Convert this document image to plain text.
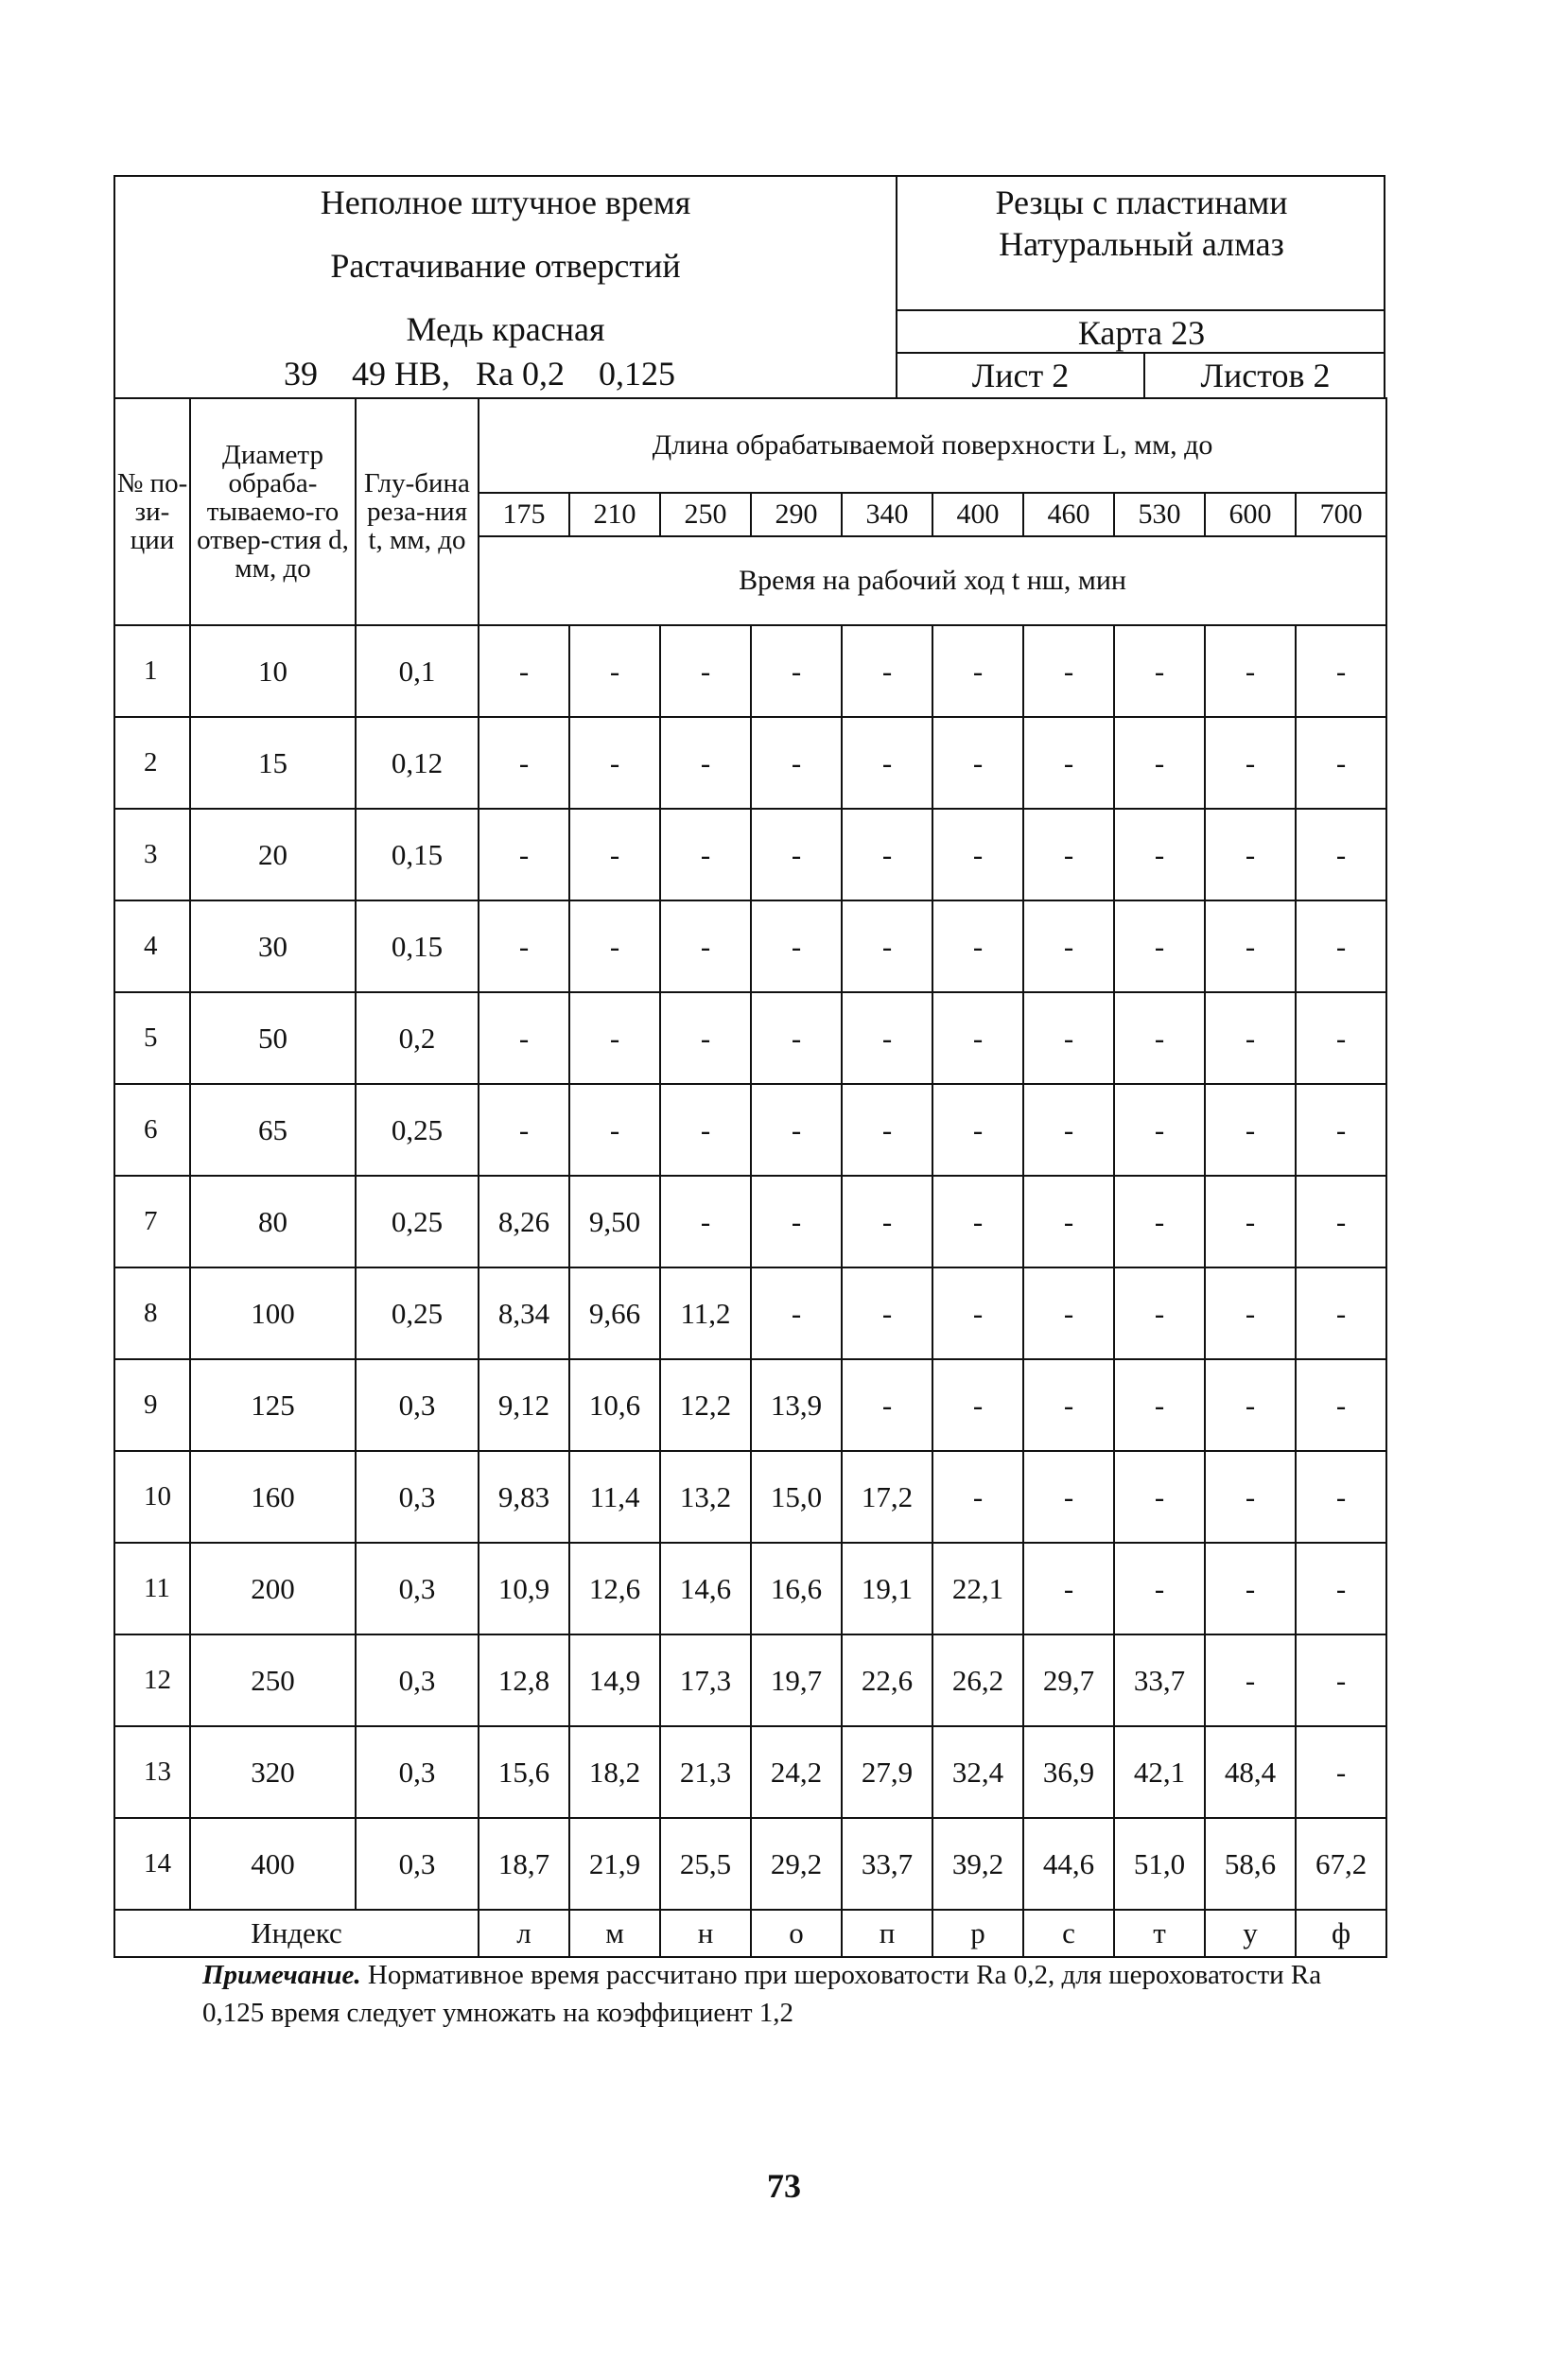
Неполное штучное время
Растачивание отверстий
Медь красная
39    49 НВ,   Ra 0,2    0,125
Резцы с пластинами
Натуральный алмаз
Карта 23
Лист 2	Листов 2
№ по-зи-ции	Диаметр обраба-тываемо-го отвер-стия d, мм, до	Глу-бина реза-ния t, мм, до	Длина обрабатываемой поверхности L, мм, до									
			175	210	250	290	340	400	460	530	600	700
			Время на рабочий ход t нш, мин									
1	10	0,1	-	-	-	-	-	-	-	-	-	-
2	15	0,12	-	-	-	-	-	-	-	-	-	-
3	20	0,15	-	-	-	-	-	-	-	-	-	-
4	30	0,15	-	-	-	-	-	-	-	-	-	-
5	50	0,2	-	-	-	-	-	-	-	-	-	-
6	65	0,25	-	-	-	-	-	-	-	-	-	-
7	80	0,25	8,26	9,50	-	-	-	-	-	-	-	-
8	100	0,25	8,34	9,66	11,2	-	-	-	-	-	-	-
9	125	0,3	9,12	10,6	12,2	13,9	-	-	-	-	-	-
10	160	0,3	9,83	11,4	13,2	15,0	17,2	-	-	-	-	-
11	200	0,3	10,9	12,6	14,6	16,6	19,1	22,1	-	-	-	-
12	250	0,3	12,8	14,9	17,3	19,7	22,6	26,2	29,7	33,7	-	-
13	320	0,3	15,6	18,2	21,3	24,2	27,9	32,4	36,9	42,1	48,4	-
14	400	0,3	18,7	21,9	25,5	29,2	33,7	39,2	44,6	51,0	58,6	67,2
Индекс			л	м	н	о	п	р	с	т	у	ф
Примечание. Нормативное время рассчитано при шероховатости Ra 0,2, для шероховатости Ra 0,125 время следует умножать на коэффициент 1,2
73
